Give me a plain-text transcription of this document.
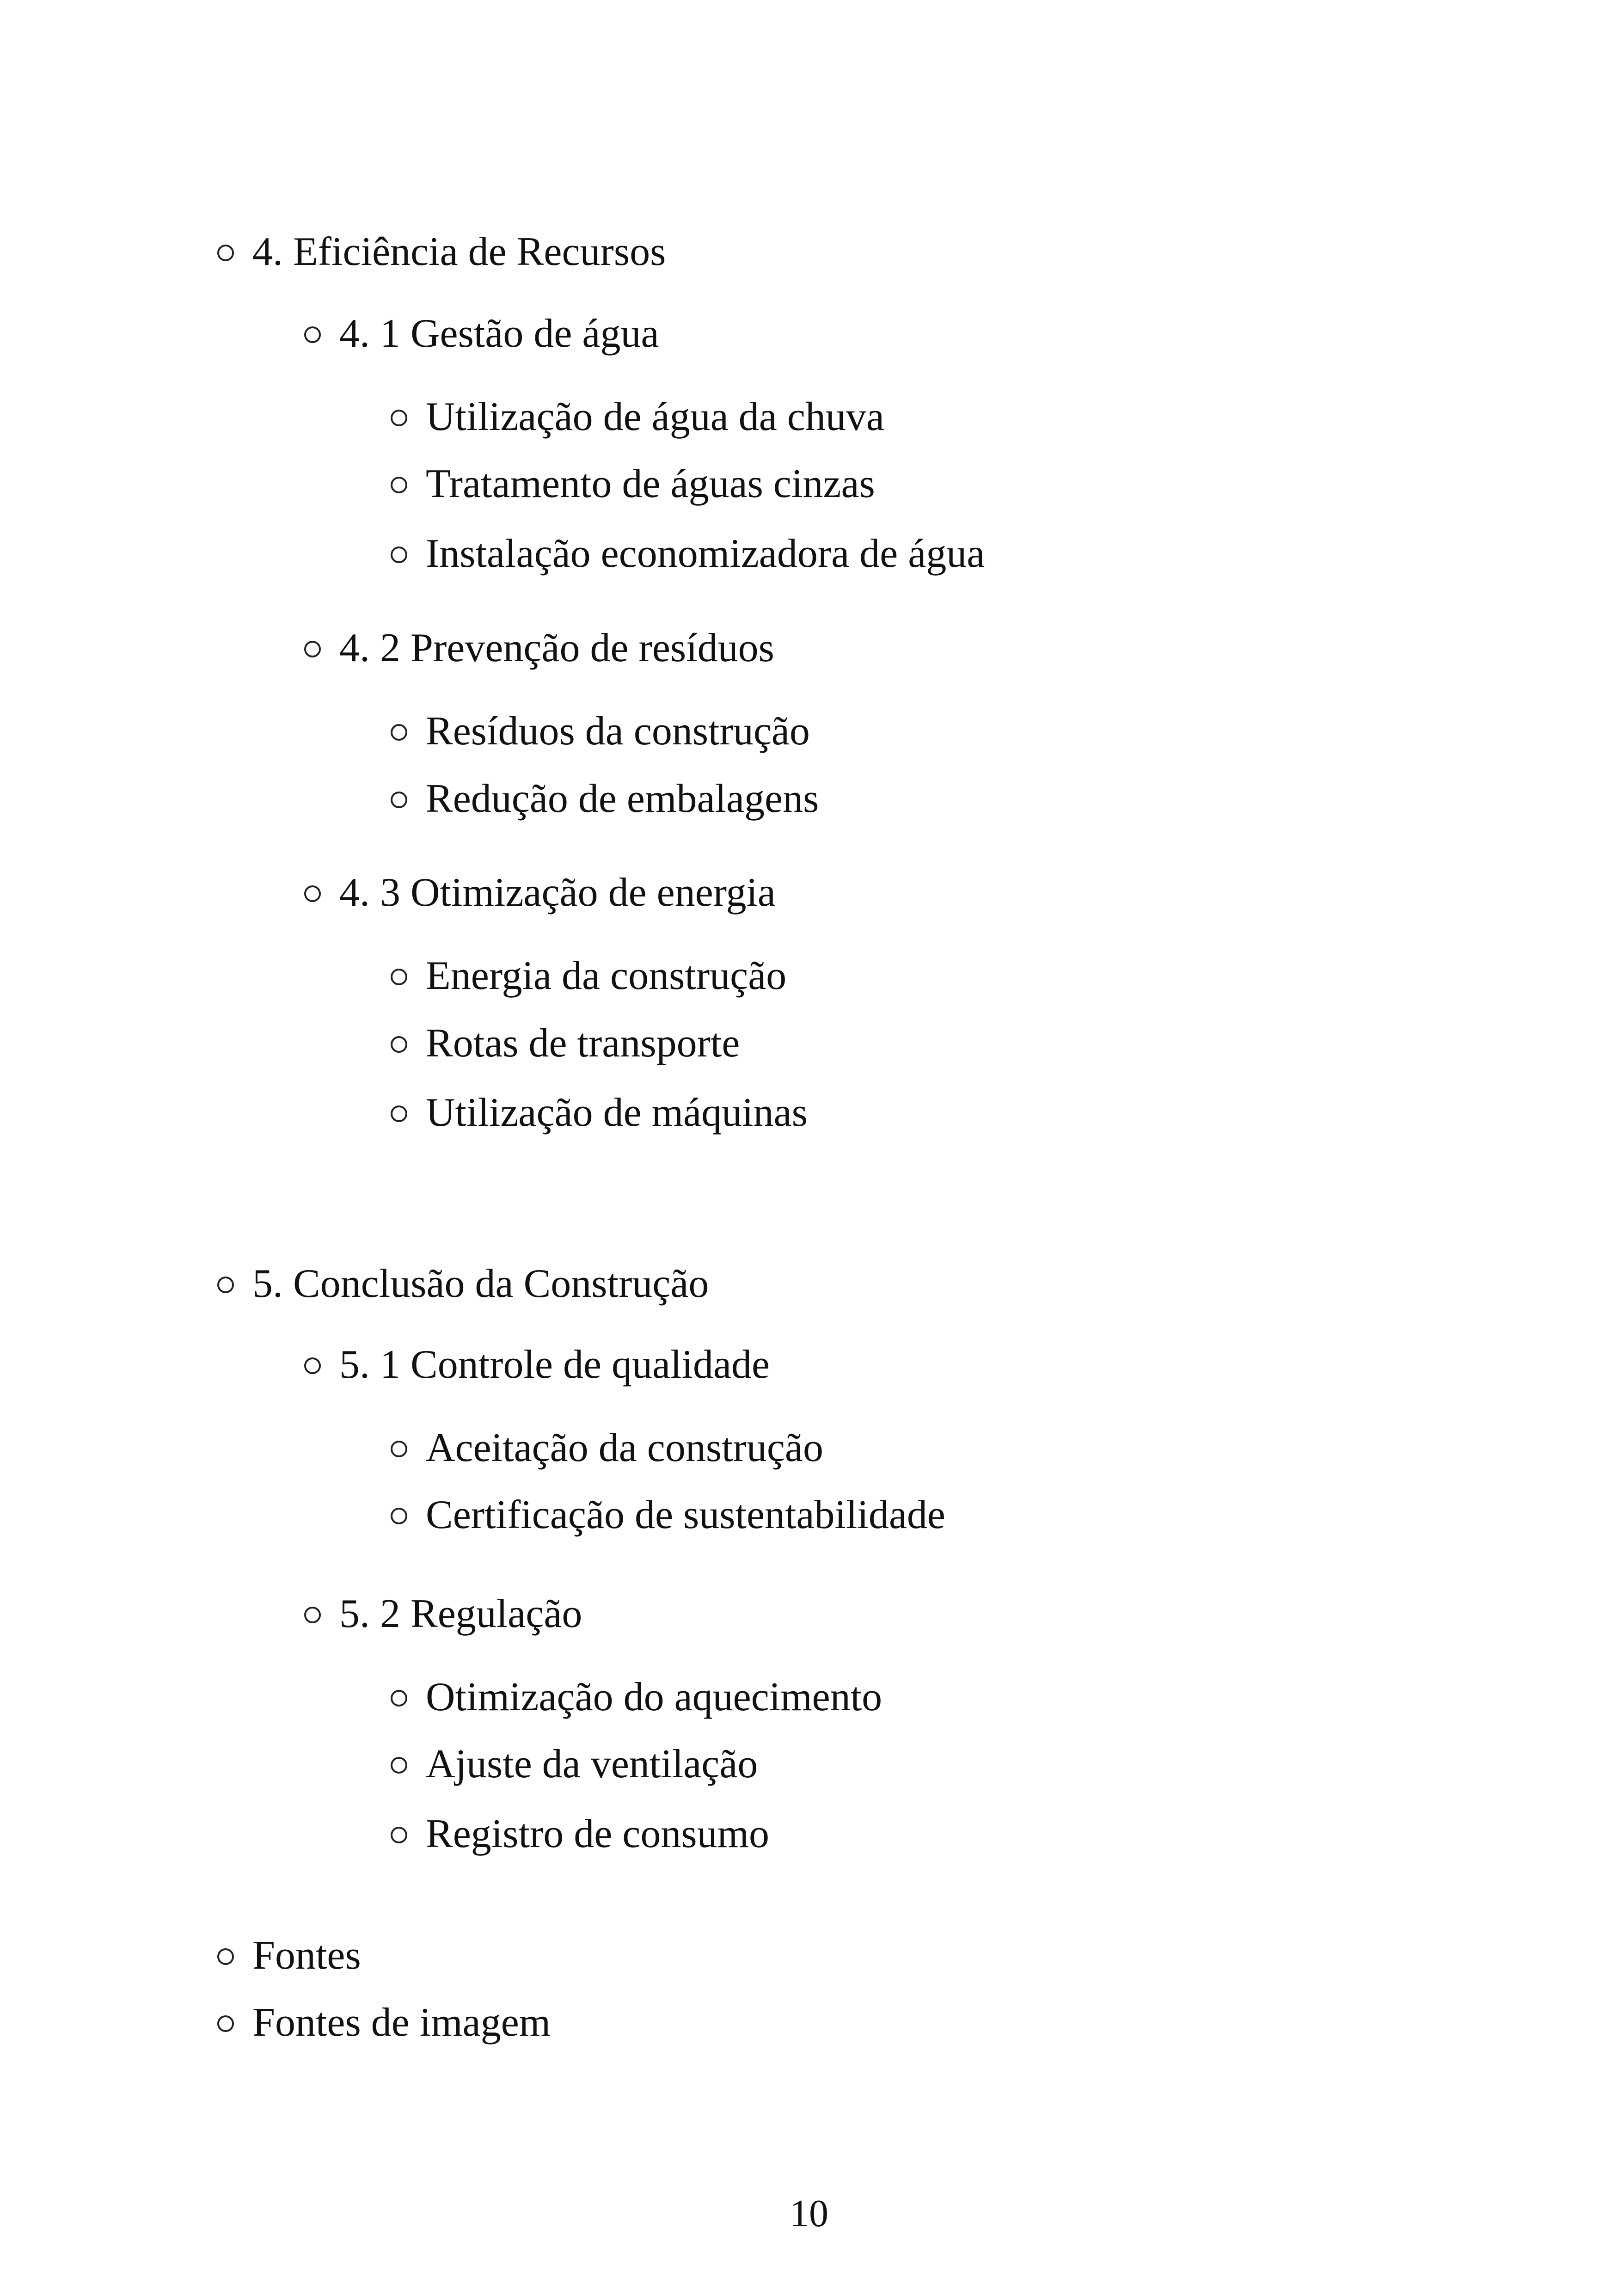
4. Eficiência de Recursos
4. 1 Gestão de água
Utilização de água da chuva
Tratamento de águas cinzas
Instalação economizadora de água
4. 2 Prevenção de resíduos
Resíduos da construção
Redução de embalagens
4. 3 Otimização de energia
Energia da construção
Rotas de transporte
Utilização de máquinas
5. Conclusão da Construção
5. 1 Controle de qualidade
Aceitação da construção
Certificação de sustentabilidade
5. 2 Regulação
Otimização do aquecimento
Ajuste da ventilação
Registro de consumo
Fontes
Fontes de imagem
10
